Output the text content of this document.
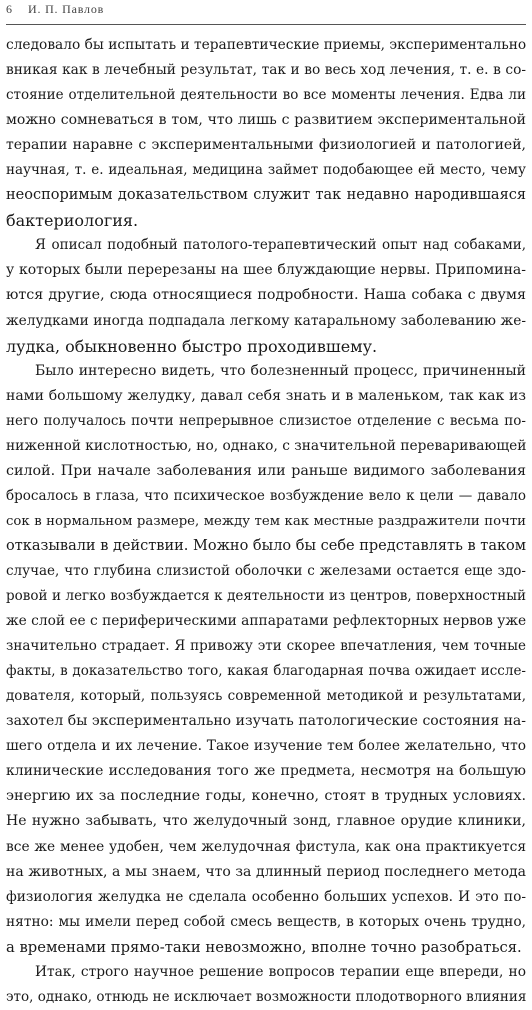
6 И. П. Павлов
следовало бы испытать и терапевтические приемы, экспериментально
вникая как в лечебный результат, так и во весь ход лечения, т. е. в со-
стояние отделительной деятельности во все моменты лечения. Едва ли
можно сомневаться в том, что лишь с развитием экспериментальной
терапии наравне с экспериментальными физиологией и патологией,
научная, т. е. идеальная, медицина займет подобающее ей место, чему
неоспоримым доказательством служит так недавно народившаяся
бактериология.
Я описал подобный патолого-терапевтический опыт над собаками,
у которых были перерезаны на шее блуждающие нервы. Припомина-
ются другие, сюда относящиеся подробности. Наша собака с двумя
желудками иногда подпадала легкому катаральному заболеванию же-
лудка, обыкновенно быстро проходившему.
Было интересно видеть, что болезненный процесс, причиненный
нами большому желудку, давал себя знать и в маленьком, так как из
него получалось почти непрерывное слизистое отделение с весьма по-
ниженной кислотностью, но, однако, с значительной переваривающей
силой. При начале заболевания или раньше видимого заболевания
бросалось в глаза, что психическое возбуждение вело к цели — давало
сок в нормальном размере, между тем как местные раздражители почти
отказывали в действии. Можно было бы себе представлять в таком
случае, что глубина слизистой оболочки с железами остается еще здо-
ровой и легко возбуждается к деятельности из центров, поверхностный
же слой ее с периферическими аппаратами рефлекторных нервов уже
значительно страдает. Я привожу эти скорее впечатления, чем точные
факты, в доказательство того, какая благодарная почва ожидает иссле-
дователя, который, пользуясь современной методикой и результатами,
захотел бы экспериментально изучать патологические состояния на-
шего отдела и их лечение. Такое изучение тем более желательно, что
клинические исследования того же предмета, несмотря на большую
энергию их за последние годы, конечно, стоят в трудных условиях.
Не нужно забывать, что желудочный зонд, главное орудие клиники,
все же менее удобен, чем желудочная фистула, как она практикуется
на животных, а мы знаем, что за длинный период последнего метода
физиология желудка не сделала особенно больших успехов. И это по-
нятно: мы имели перед собой смесь веществ, в которых очень трудно,
а временами прямо-таки невозможно, вполне точно разобраться.
Итак, строго научное решение вопросов терапии еще впереди, но
это, однако, отнюдь не исключает возможности плодотворного влияния
